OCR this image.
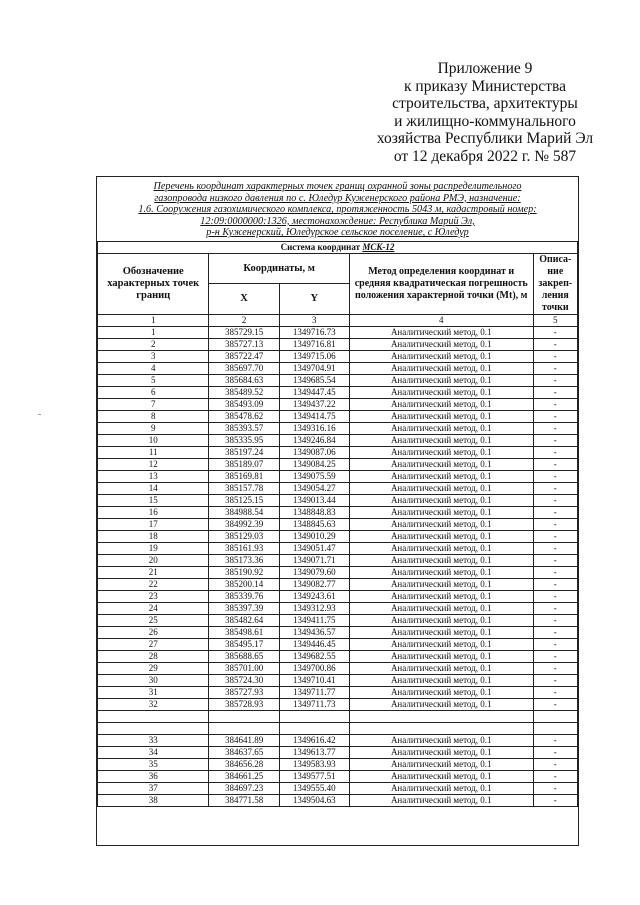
Приложение 9
к приказу Министерства
строительства, архитектуры
и жилищно-коммунального
хозяйства Республики Марий Эл
от 12 декабря 2022 г. № 587
Перечень координат характерных точек границ охранной зоны распределительного
газопровода низкого давления по с. Юледур Куженерского района РМЭ, назначение:
1.6. Сооружения газохимического комплекса, протяженность 5043 м, кадастровый номер:
12:09:0000000:1326, местонахождение: Республика Марий Эл,
р-н Куженерский, Юледурское сельское поселение, с Юледур
Система координат МСК-12				
Обозначение характерных точек границ	Координаты, м		Метод определения координат и средняя квадратическая погрешность положения характерной точки (Мt), м	Описа- ние закреп- ления точки
	X	Y		
1	2	3	4	5
1	385729.15	1349716.73	Аналитический метод, 0.1	-
2	385727.13	1349716.81	Аналитический метод, 0.1	-
3	385722.47	1349715.06	Аналитический метод, 0.1	-
4	385697.70	1349704.91	Аналитический метод, 0.1	-
5	385684.63	1349685.54	Аналитический метод, 0.1	-
6	385489.52	1349447.45	Аналитический метод, 0.1	-
7	385493.09	1349437.22	Аналитический метод, 0.1	-
8	385478.62	1349414.75	Аналитический метод, 0.1	-
9	385393.57	1349316.16	Аналитический метод, 0.1	-
10	385335.95	1349246.84	Аналитический метод, 0.1	-
11	385197.24	1349087.06	Аналитический метод, 0.1	-
12	385189.07	1349084.25	Аналитический метод, 0.1	-
13	385169.81	1349075.59	Аналитический метод, 0.1	-
14	385157.78	1349054.27	Аналитический метод, 0.1	-
15	385125.15	1349013.44	Аналитический метод, 0.1	-
16	384988.54	1348848.83	Аналитический метод, 0.1	-
17	384992.39	1348845.63	Аналитический метод, 0.1	-
18	385129.03	1349010.29	Аналитический метод, 0.1	-
19	385161.93	1349051.47	Аналитический метод, 0.1	-
20	385173.36	1349071.71	Аналитический метод, 0.1	-
21	385190.92	1349079.60	Аналитический метод, 0.1	-
22	385200.14	1349082.77	Аналитический метод, 0.1	-
23	385339.76	1349243.61	Аналитический метод, 0.1	-
24	385397.39	1349312.93	Аналитический метод, 0.1	-
25	385482.64	1349411.75	Аналитический метод, 0.1	-
26	385498.61	1349436.57	Аналитический метод, 0.1	-
27	385495.17	1349446.45	Аналитический метод, 0.1	-
28	385688.65	1349682.55	Аналитический метод, 0.1	-
29	385701.00	1349700.86	Аналитический метод, 0.1	-
30	385724.30	1349710.41	Аналитический метод, 0.1	-
31	385727.93	1349711.77	Аналитический метод, 0.1	-
32	385728.93	1349711.73	Аналитический метод, 0.1	-

33	384641.89	1349616.42	Аналитический метод, 0.1	-
34	384637.65	1349613.77	Аналитический метод, 0.1	-
35	384656.28	1349583.93	Аналитический метод, 0.1	-
36	384661.25	1349577.51	Аналитический метод, 0.1	-
37	384697.23	1349555.40	Аналитический метод, 0.1	-
38	384771.58	1349504.63	Аналитический метод, 0.1	-
